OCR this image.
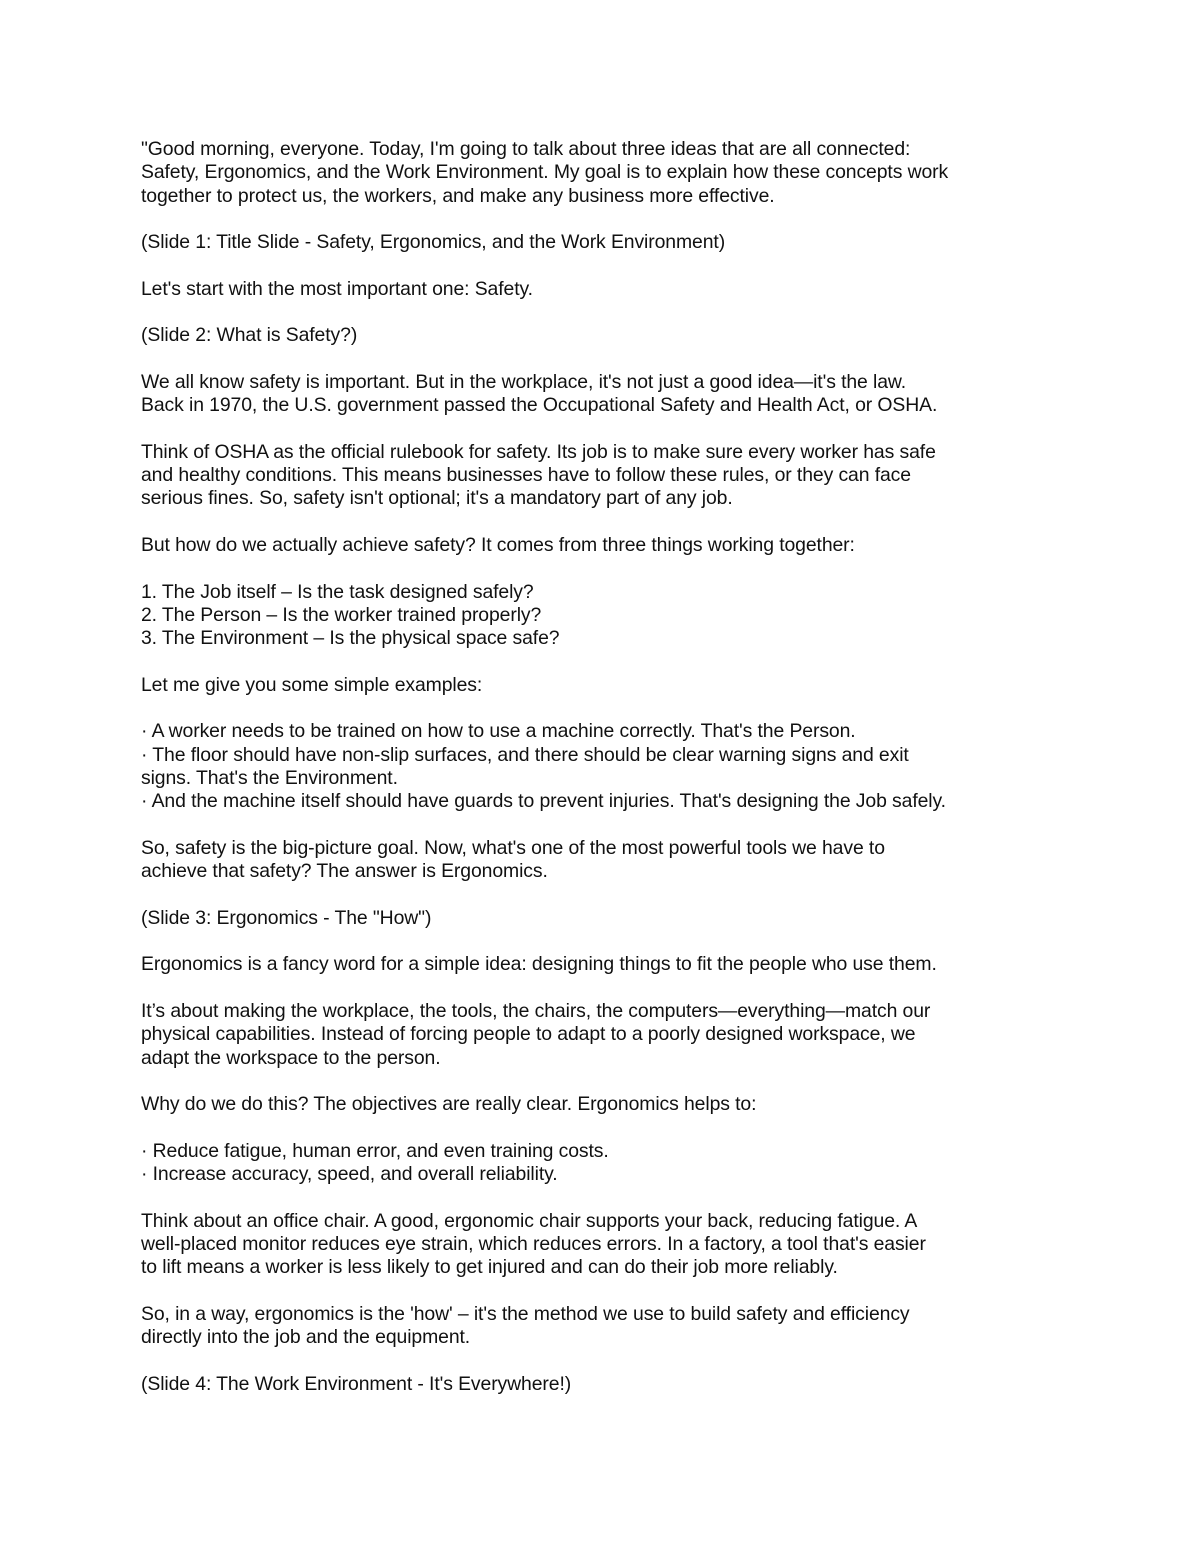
"Good morning, everyone. Today, I'm going to talk about three ideas that are all connected:
Safety, Ergonomics, and the Work Environment. My goal is to explain how these concepts work
together to protect us, the workers, and make any business more effective.
(Slide 1: Title Slide - Safety, Ergonomics, and the Work Environment)
Let's start with the most important one: Safety.
(Slide 2: What is Safety?)
We all know safety is important. But in the workplace, it's not just a good idea—it's the law.
Back in 1970, the U.S. government passed the Occupational Safety and Health Act, or OSHA.
Think of OSHA as the official rulebook for safety. Its job is to make sure every worker has safe
and healthy conditions. This means businesses have to follow these rules, or they can face
serious fines. So, safety isn't optional; it's a mandatory part of any job.
But how do we actually achieve safety? It comes from three things working together:
1. The Job itself – Is the task designed safely?
2. The Person – Is the worker trained properly?
3. The Environment – Is the physical space safe?
Let me give you some simple examples:
· A worker needs to be trained on how to use a machine correctly. That's the Person.
· The floor should have non-slip surfaces, and there should be clear warning signs and exit
signs. That's the Environment.
· And the machine itself should have guards to prevent injuries. That's designing the Job safely.
So, safety is the big-picture goal. Now, what's one of the most powerful tools we have to
achieve that safety? The answer is Ergonomics.
(Slide 3: Ergonomics - The "How")
Ergonomics is a fancy word for a simple idea: designing things to fit the people who use them.
It’s about making the workplace, the tools, the chairs, the computers—everything—match our
physical capabilities. Instead of forcing people to adapt to a poorly designed workspace, we
adapt the workspace to the person.
Why do we do this? The objectives are really clear. Ergonomics helps to:
· Reduce fatigue, human error, and even training costs.
· Increase accuracy, speed, and overall reliability.
Think about an office chair. A good, ergonomic chair supports your back, reducing fatigue. A
well-placed monitor reduces eye strain, which reduces errors. In a factory, a tool that's easier
to lift means a worker is less likely to get injured and can do their job more reliably.
So, in a way, ergonomics is the 'how' – it's the method we use to build safety and efficiency
directly into the job and the equipment.
(Slide 4: The Work Environment - It's Everywhere!)
